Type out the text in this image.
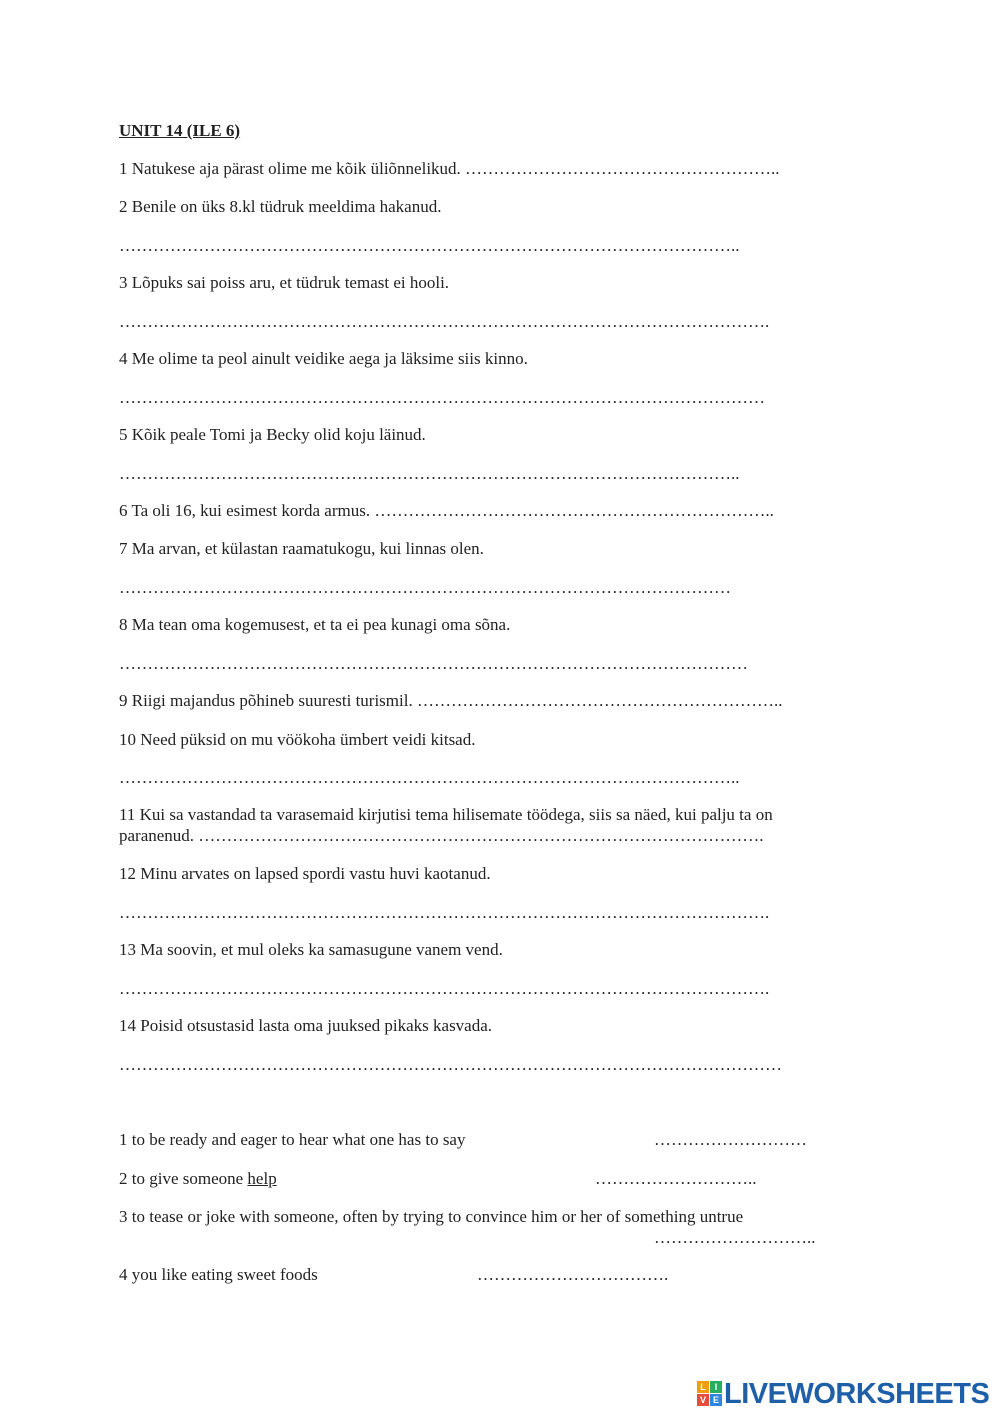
UNIT 14 (ILE 6)
1 Natukese aja pärast olime me kõik üliõnnelikud. ………………………………………………..
2 Benile on üks 8.kl tüdruk meeldima hakanud.
………………………………………………………………………………………………..
3 Lõpuks sai poiss aru, et tüdruk temast ei hooli.
…………………………………………………………………………………………………….
4 Me olime ta peol ainult veidike aega ja läksime siis kinno.
……………………………………………………………………………………………………
5 Kõik peale Tomi ja Becky olid koju läinud.
………………………………………………………………………………………………..
6 Ta oli 16, kui esimest korda armus. ……………………………………………………………..
7 Ma arvan, et külastan raamatukogu, kui linnas olen.
………………………………………………………………………………………………
8 Ma tean oma kogemusest, et ta ei pea kunagi oma sõna.
…………………………………………………………………………………………………
9 Riigi majandus põhineb suuresti turismil. ………………………………………………………..
10 Need püksid on mu vöökoha ümbert veidi kitsad.
………………………………………………………………………………………………..
11 Kui sa vastandad ta varasemaid kirjutisi tema hilisemate töödega, siis sa näed, kui palju ta on
paranenud. ……………………………………………………………………………………….
12 Minu arvates on lapsed spordi vastu huvi kaotanud.
…………………………………………………………………………………………………….
13 Ma soovin, et mul oleks ka samasugune vanem vend.
…………………………………………………………………………………………………….
14 Poisid otsustasid lasta oma juuksed pikaks kasvada.
………………………………………………………………………………………………………
1 to be ready and eager to hear what one has to say	………………………
2 to give someone help	………………………..
3 to tease or joke with someone, often by trying to convince him or her of something untrue
………………………..
4 you like eating sweet foods	…………………………….
L I
V E LIVEWORKSHEETS
